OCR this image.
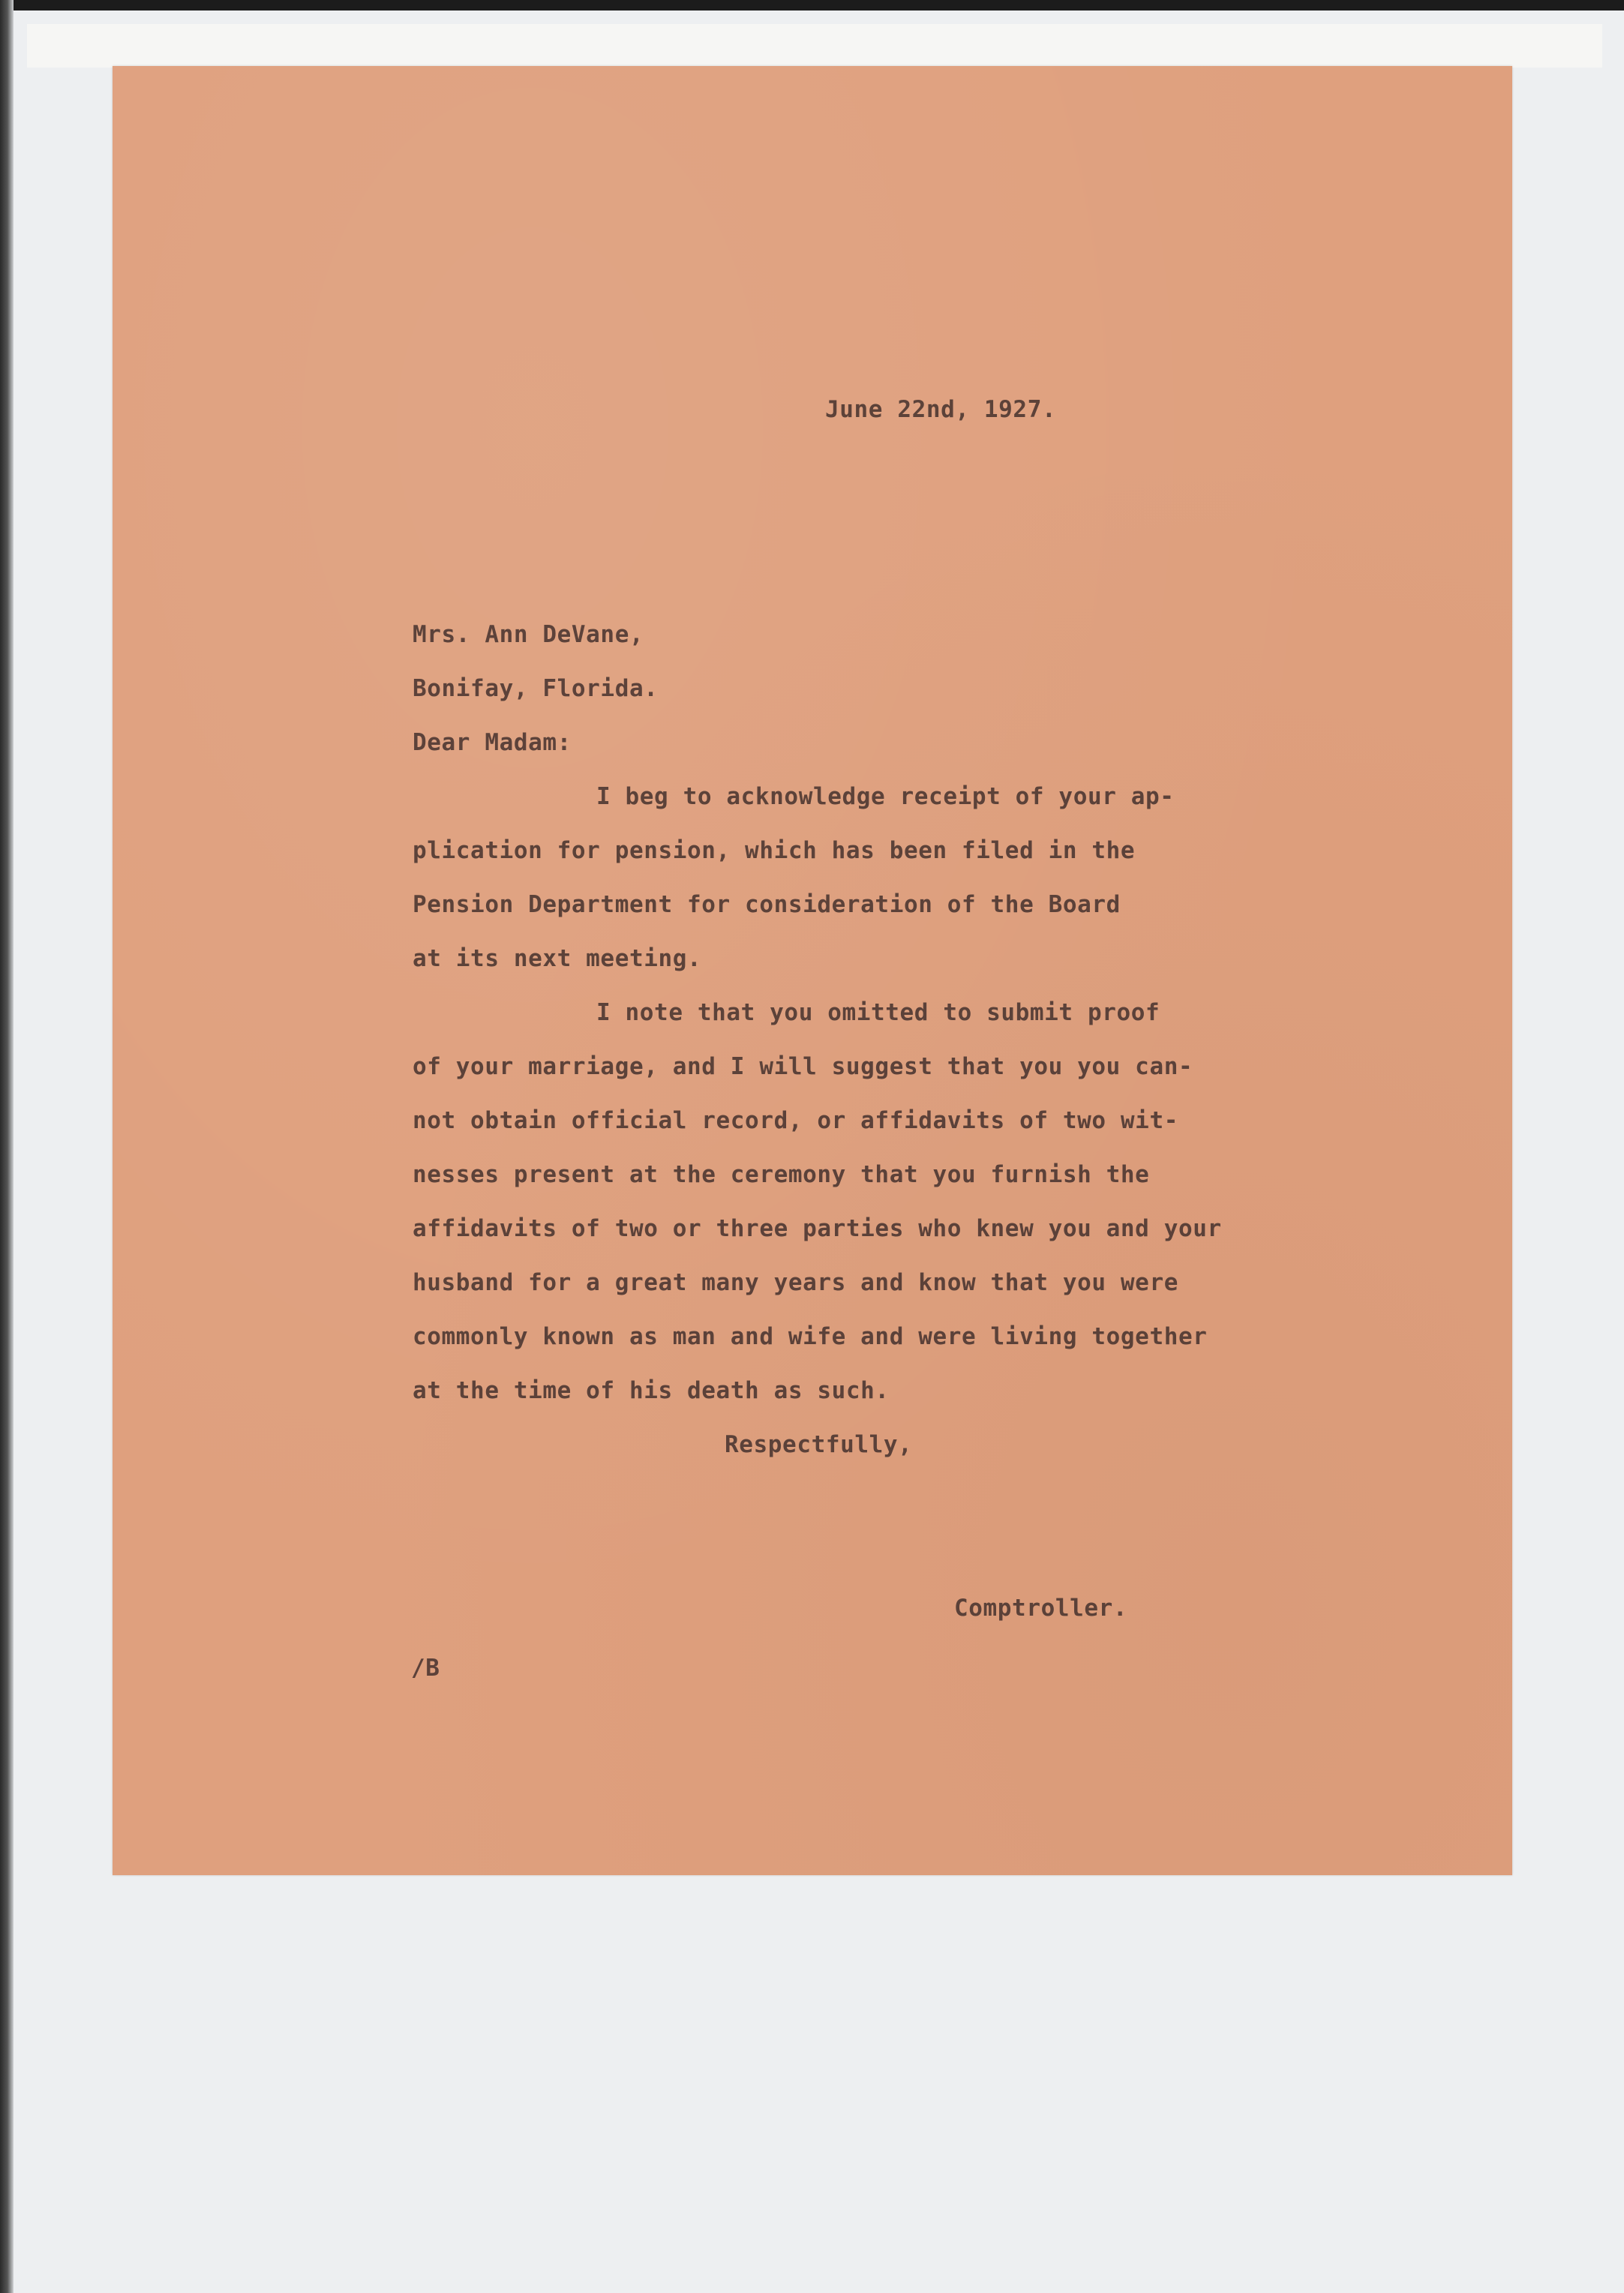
June 22nd, 1927.
Mrs. Ann DeVane,
Bonifay, Florida.
Dear Madam:
I beg to acknowledge receipt of your ap-
plication for pension, which has been filed in the
Pension Department for consideration of the Board
at its next meeting.
I note that you omitted to submit proof
of your marriage, and I will suggest that you you can-
not obtain official record, or affidavits of two wit-
nesses present at the ceremony that you furnish the
affidavits of two or three parties who knew you and your
husband for a great many years and know that you were
commonly known as man and wife and were living together
at the time of his death as such.
Respectfully,
Comptroller.
/B
